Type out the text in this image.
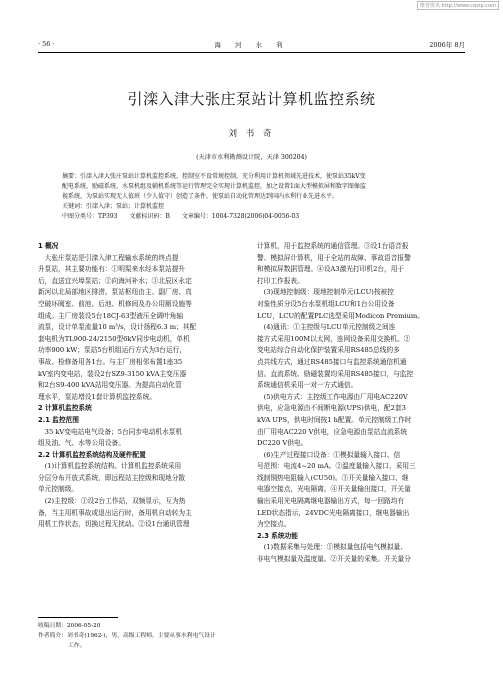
维普资讯 http://www.cqvip.com
· 56 ·	海 河 水 利	2006年 8月
引滦入津大张庄泵站计算机监控系统
刘 书 奇
(天津市水利勘测设计院，天津 300204)
摘要：引滦入津大张庄泵站计算机监控系统，控制室不设常规控制，充分利用计算机领域先进技术，使泵站35kV变
配电系统、励磁系统、水泵机组及辅机系统等运行管理完全实现计算机监控，加之设置1面大型模拟屏和数字图像监
视系统，为泵站实现无人值班（少人值守）创造了条件，使泵站自动化管理达到国内水利行业先进水平。
关键词：引滦入津；泵站；计算机监控
中图分类号：TP393　　文献标识码：B　　文章编号：1004-7328(2006)04-0056-03
1 概况
　大张庄泵站是引滦入津工程输水系统的终点提
升泵站，其主要功能有：①明渠来水经本泵站提升
后，直送宜兴埠泵站；②向海河补水；③北辰区永定
新河以北局部地区排涝。泵站枢纽由主、副厂房、真
空破坏阀室、前池、后池、机修间及办公用厕设施等
组成。主厂房装设5台18CJ-63型液压全调叶角轴
流泵，设计单泵流量10 m³/s，设计扬程6.3 m；其配
套电机为TL900-24/2150型6kV同步电动机，单机
功率900 kW；泵站5台机组运行方式为3台运行，
事故、检修备用各1台。与主厂房相邻布置1座35
kV室内变电站，装设2台SZ9-3150 kVA主变压器
和2台S9-400 kVA站用变压器。为提高自动化管
理水平，泵站增设1套计算机监控系统。
2 计算机监控系统
2.1 监控范围
　35 kV变电站电气设备；5台同步电动机水泵机
组及油、气、水等公用设备。
2.2 计算机监控系统结构及硬件配置
　(1)计算机监控系统结构。计算机监控系统采用
分层分布开放式系统，即远程站主控级和现地分散
单元控制级。
　(2)主控级：①设2台工作站，双频显示，互为热
备，当主用机事故或退出运行时，备用机自动转为主
用机工作状态，切换过程无扰动。②设1台通讯管理
计算机，用于监控系统的通信管理。③设1台语音报
警、模拟屏计算机，用于全站的故障、事故语音报警
和模拟屏数据管理。④设A3激光打印机2台，用于
打印工作报表。
　(3)现地控制级：现地控制单元(LCU)按被控
对象性质分设5台水泵机组LCU和1台公用设备
LCU，LCU的配置PLC选型采用Modicon Premium。
　(4)通讯：①主控级与LCU单元控制级之间连
接方式采用100M以太网，连网设备采用交换机。②
变电站综合自动化保护装置采用RS485总线的多
点共线方式，通过RS485接口与监控系统通信机通
信。直流系统、励磁装置均采用RS485接口，与监控
系统通信机采用一对一方式通信。
　(5)供电方式：主控级工作电源由厂用电AC220V
供电，应急电源由不间断电源(UPS)供电，配2套3
kVA UPS，供电时间按1 h配置。单元控制级工作时
由厂用电AC220 V供电，应急电源由泵站直流系统
DC220 V供电。
　(6)生产过程接口设备：①模拟量输入接口、信
号范围：电流4~20 mA。②温度量输入接口，采用三
线制铜热电阻输入(CU50)。③开关量输入接口、继
电器空接点，光电隔离。④开关量输出接口，开关量
输出采用光电隔离继电器输出方式，每一回路均有
LED状态指示，24VDC光电隔离接口，继电器输出
为空接点。
2.3 系统功能
　(1)数据采集与处理：①模拟量包括电气模拟量、
非电气模拟量及温度量。②开关量的采集。开关量分
收稿日期：2006-05-20
作者简介：刘书奇(1962-)，男，高级工程师，主要从事水利电气设计
工作。
